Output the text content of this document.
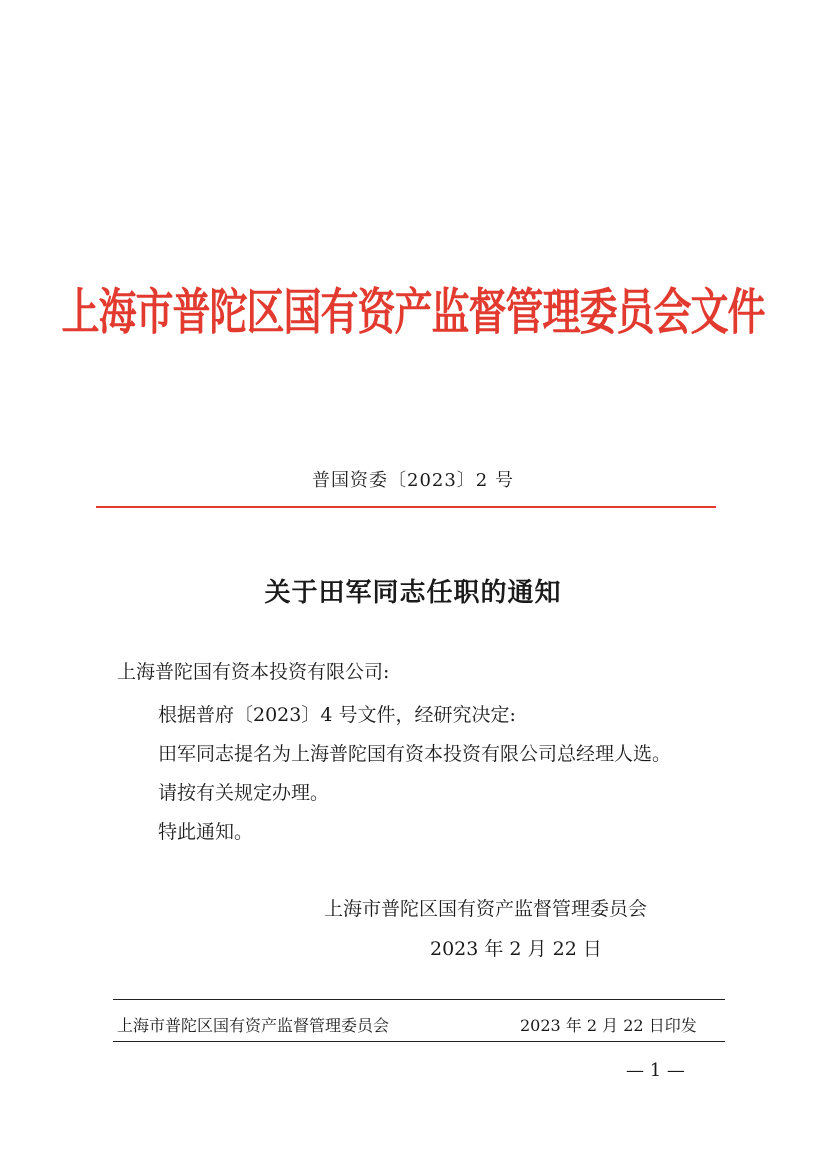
上海市普陀区国有资产监督管理委员会文件
普国资委〔2023〕2 号
关于田军同志任职的通知
上海普陀国有资本投资有限公司:
根据普府〔2023〕4 号文件，经研究决定:
田军同志提名为上海普陀国有资本投资有限公司总经理人选。
请按有关规定办理。
特此通知。
上海市普陀区国有资产监督管理委员会
2023 年 2 月 22 日
上海市普陀区国有资产监督管理委员会	2023 年 2 月 22 日印发
— 1 —
